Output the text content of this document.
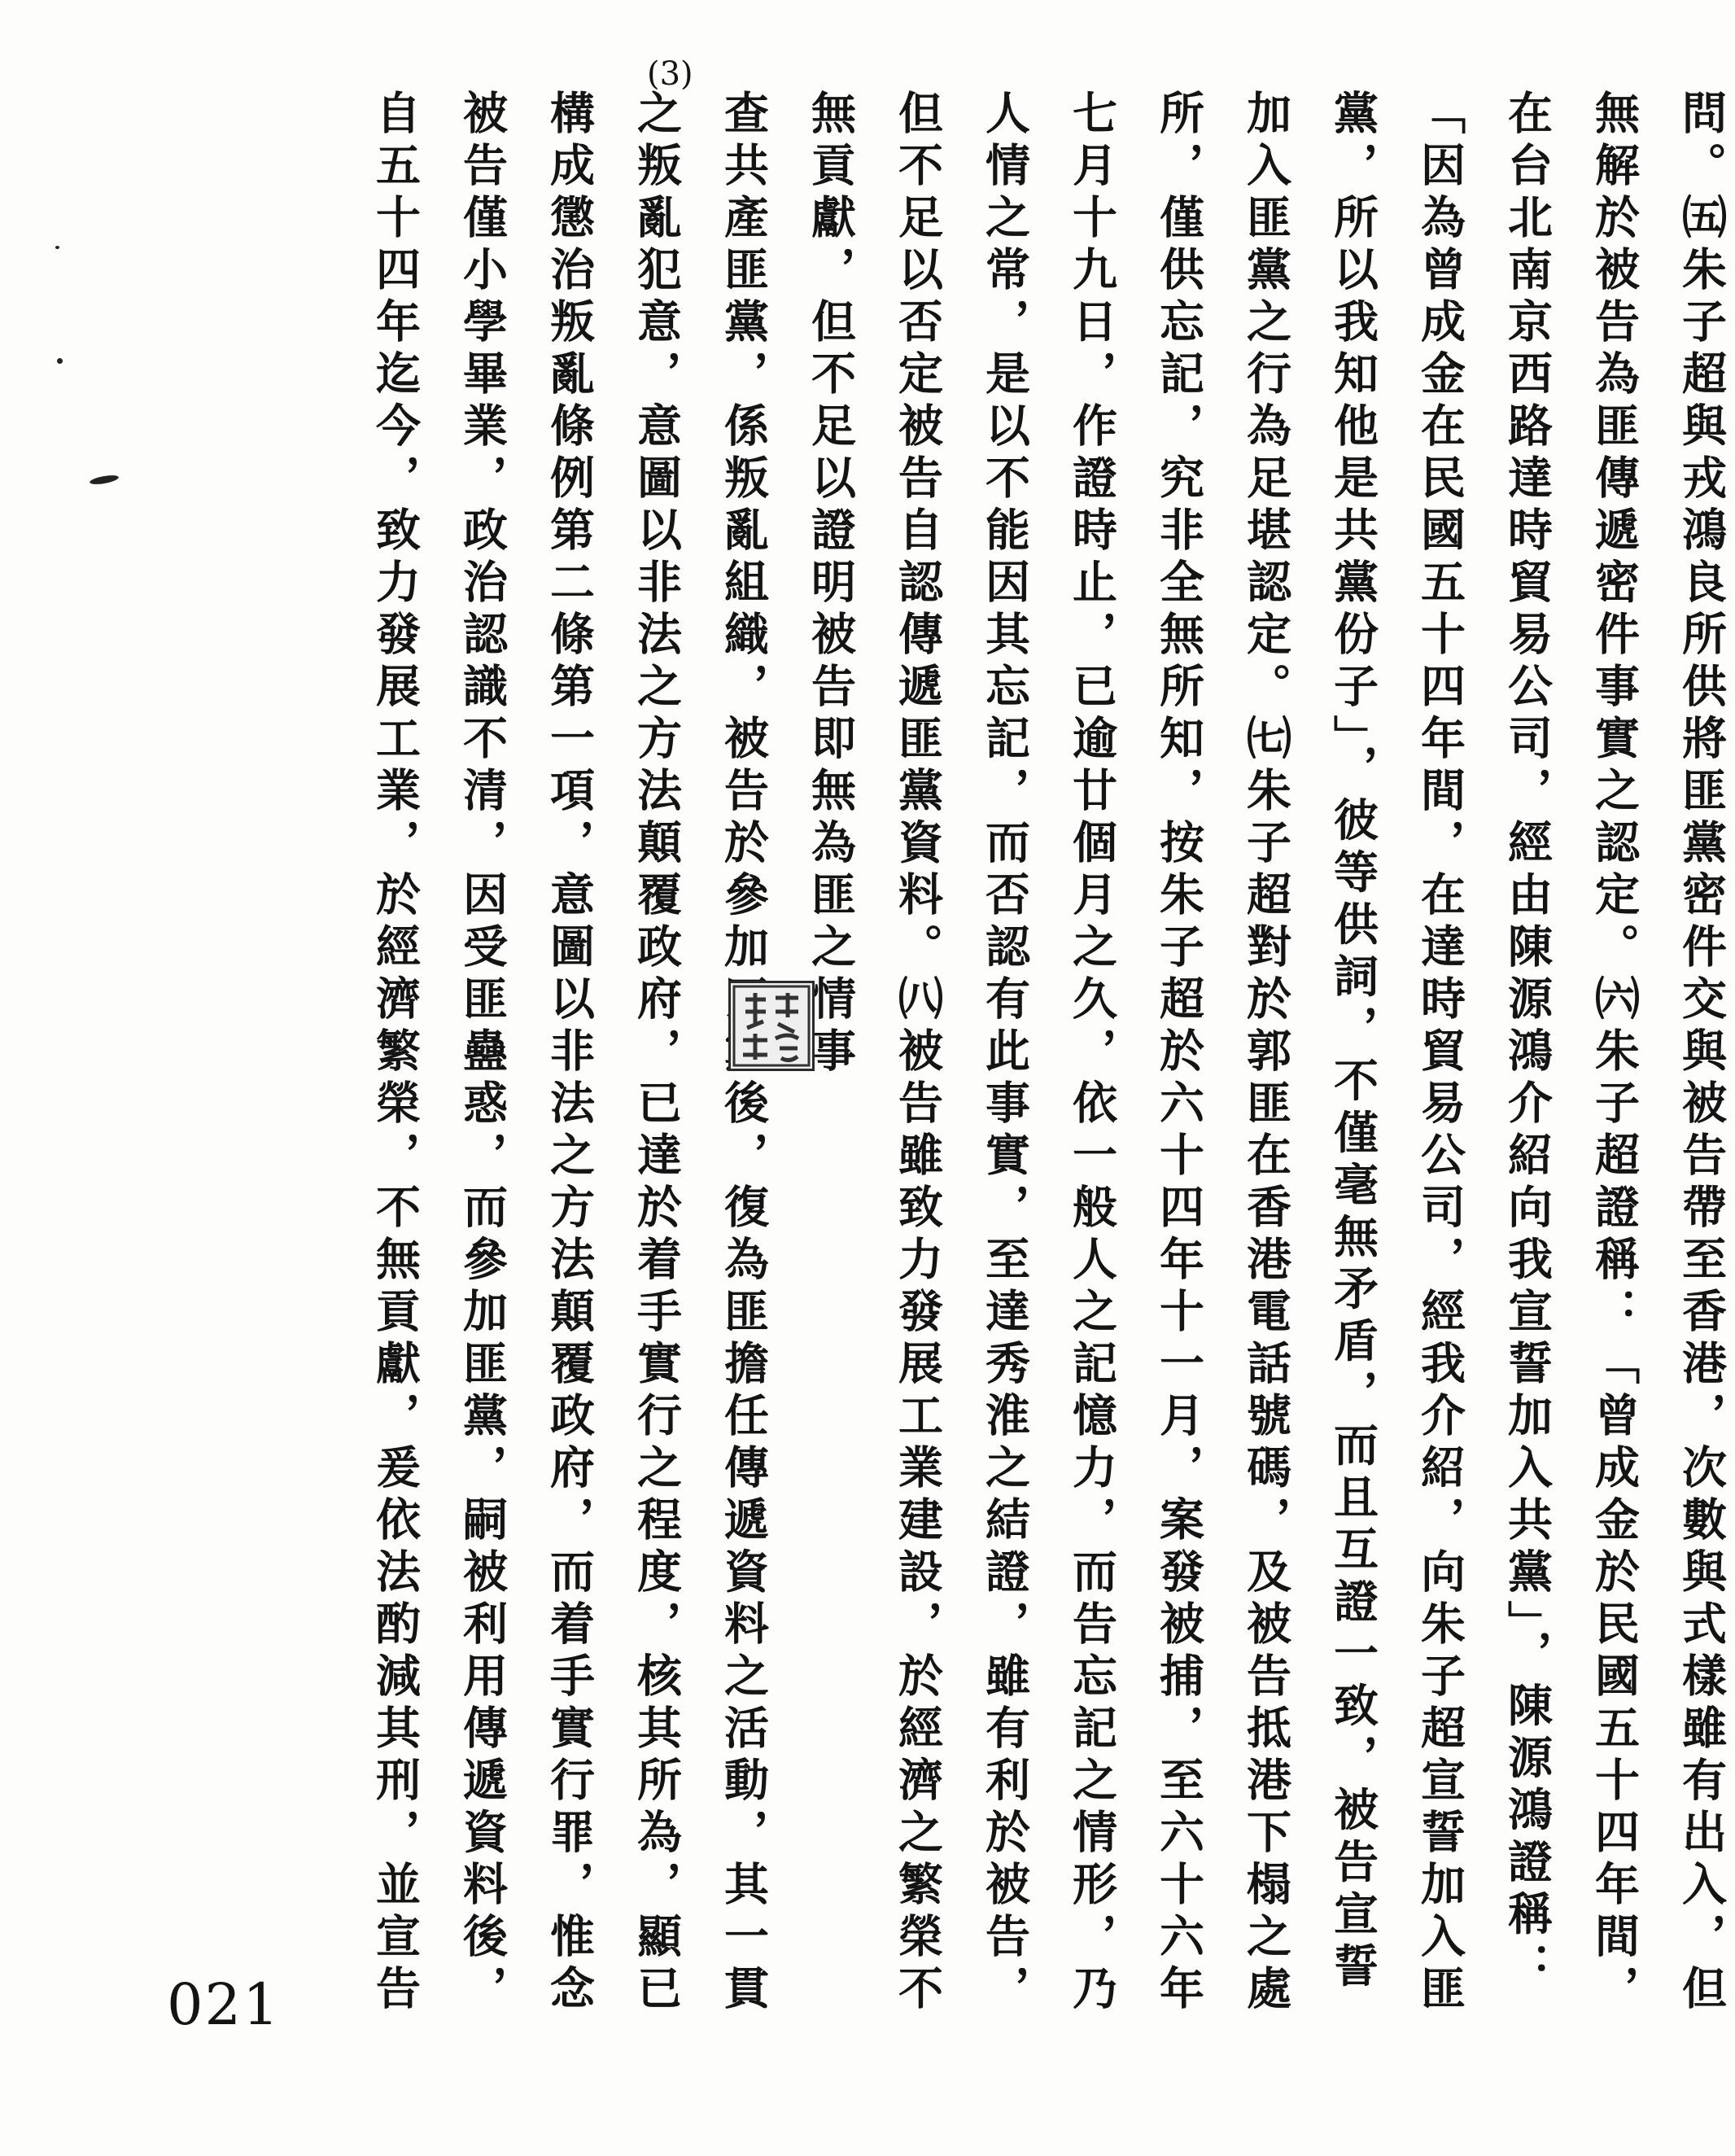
(3)
問。㈤朱子超與戎鴻良所供將匪黨密件交與被告帶至香港，次數與式樣雖有出入，但
無解於被告為匪傳遞密件事實之認定。㈥朱子超證稱：「曾成金於民國五十四年間，
在台北南京西路達時貿易公司，經由陳源鴻介紹向我宣誓加入共黨」，陳源鴻證稱：
「因為曾成金在民國五十四年間，在達時貿易公司，經我介紹，向朱子超宣誓加入匪
黨，所以我知他是共黨份子」，彼等供詞，不僅毫無矛盾，而且互證一致，被告宣誓
加入匪黨之行為足堪認定。㈦朱子超對於郭匪在香港電話號碼，及被告抵港下榻之處
所，僅供忘記，究非全無所知，按朱子超於六十四年十一月，案發被捕，至六十六年
七月十九日，作證時止，已逾廿個月之久，依一般人之記憶力，而告忘記之情形，乃
人情之常，是以不能因其忘記，而否認有此事實，至達秀淮之結證，雖有利於被告，
但不足以否定被告自認傳遞匪黨資料。㈧被告雖致力發展工業建設，於經濟之繁榮不
無貢獻，但不足以證明被告即無為匪之情事
查共產匪黨，係叛亂組織，被告於參加匪黨後，復為匪擔任傳遞資料之活動，其一貫
之叛亂犯意，意圖以非法之方法顛覆政府，已達於着手實行之程度，核其所為，顯已
構成懲治叛亂條例第二條第一項，意圖以非法之方法顛覆政府，而着手實行罪，惟念
被告僅小學畢業，政治認識不清，因受匪蠱惑，而參加匪黨，嗣被利用傳遞資料後，
自五十四年迄今，致力發展工業，於經濟繁榮，不無貢獻，爰依法酌減其刑，並宣告
021
